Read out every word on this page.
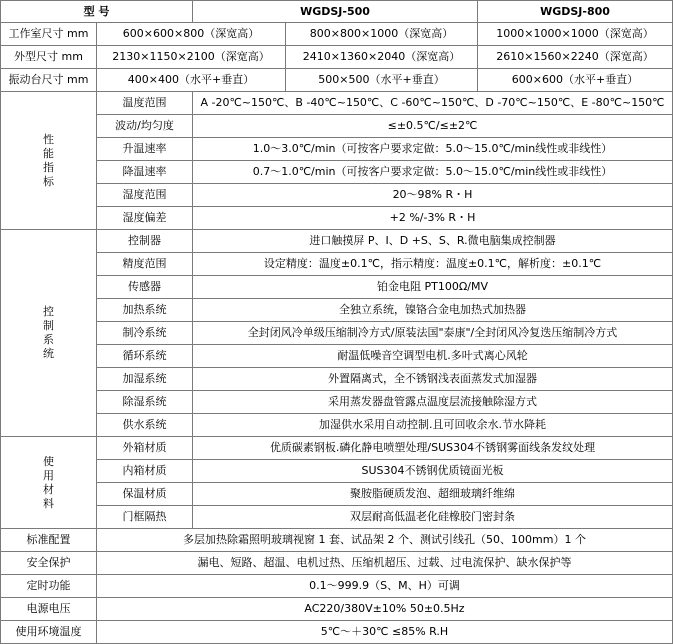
型 号		WGDSJ-500		WGDSJ-800	
工作室尺寸 mm	600×600×800（深宽高）		800×800×1000（深宽高）	1000×1000×1000（深宽高）	
外型尺寸 mm	2130×1150×2100（深宽高）		2410×1360×2040（深宽高）	2610×1560×2240（深宽高）	
振动台尺寸 mm	400×400（水平+垂直）		500×500（水平+垂直）	600×600（水平+垂直）	

性
能
指
标	温度范围	A -20℃~150℃、B -40℃~150℃、C -60℃~150℃、D -70℃~150℃、E -80℃~150℃			
	波动/均匀度	≤±0.5℃/≤±2℃			
	升温速率	1.0～3.0℃/min（可按客户要求定做：5.0～15.0℃/min线性或非线性）			
	降温速率	0.7～1.0℃/min（可按客户要求定做：5.0～15.0℃/min线性或非线性）			
	湿度范围	20～98% R・H			
	湿度偏差	+2 %/-3% R・H			

控
制
系
统	控制器	进口触摸屏 P、I、D +S、S、R.微电脑集成控制器			
	精度范围	设定精度：温度±0.1℃，指示精度：温度±0.1℃，解析度：±0.1℃			
	传感器	铂金电阻 PT100Ω/MV			
	加热系统	全独立系统，镍铬合金电加热式加热器			
	制冷系统	全封闭风冷单级压缩制冷方式/原装法国"泰康"/全封闭风冷复迭压缩制冷方式			
	循环系统	耐温低噪音空调型电机.多叶式离心风轮			
	加湿系统	外置隔离式，全不锈钢浅表面蒸发式加湿器			
	除湿系统	采用蒸发器盘管露点温度层流接触除湿方式			
	供水系统	加湿供水采用自动控制.且可回收余水.节水降耗			

使
用
材
料	外箱材质	优质碳素钢板.磷化静电喷塑处理/SUS304不锈钢雾面线条发纹处理			
	内箱材质	SUS304不锈钢优质镜面光板			
	保温材质	聚胺脂硬质发泡、超细玻璃纤维绵			
	门框隔热	双层耐高低温老化硅橡胶门密封条			
标准配置	多层加热除霜照明玻璃视窗 1 套、试品架 2 个、测试引线孔（50、100mm）1 个				
安全保护	漏电、短路、超温、电机过热、压缩机超压、过载、过电流保护、缺水保护等				
定时功能	0.1～999.9（S、M、H）可调				
电源电压	AC220/380V±10% 50±0.5Hz				
使用环境温度	5℃～＋30℃ ≤85% R.H				
